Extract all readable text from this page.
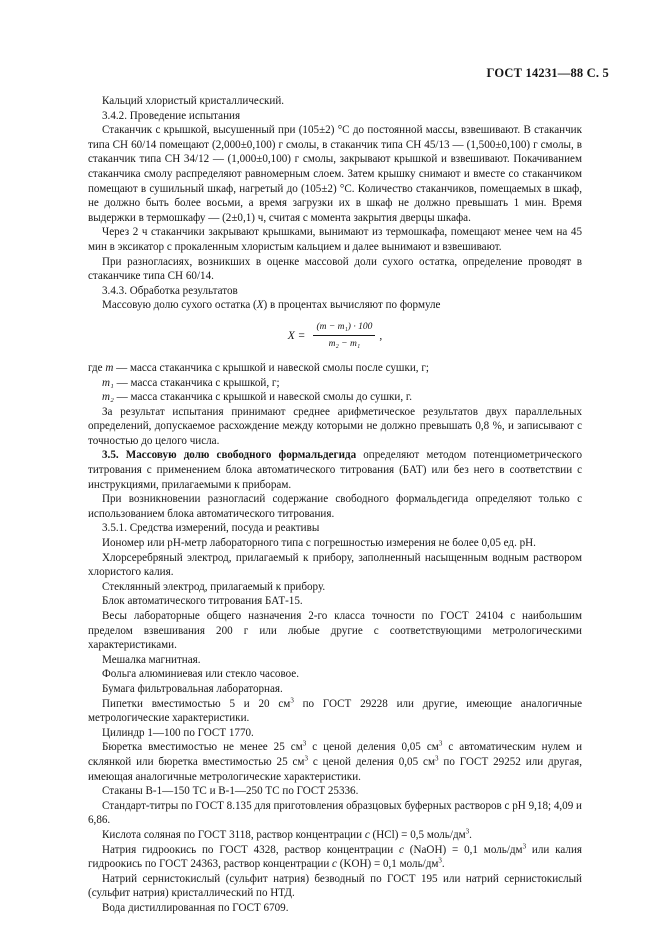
ГОСТ 14231—88 С. 5

Кальций хлористый кристаллический.

3.4.2. Проведение испытания

Стаканчик с крышкой, высушенный при (105±2) °С до постоянной массы, взвешивают. В стаканчик типа СН 60/14 помещают (2,000±0,100) г смолы, в стаканчик типа СН 45/13 — (1,500±0,100) г смолы, в стаканчик типа СН 34/12 — (1,000±0,100) г смолы, закрывают крышкой и взвешивают. Покачиванием стаканчика смолу распределяют равномерным слоем. Затем крышку снимают и вместе со стаканчиком помещают в сушильный шкаф, нагретый до (105±2) °С. Количество стаканчиков, помещаемых в шкаф, не должно быть более восьми, а время загрузки их в шкаф не должно превышать 1 мин. Время выдержки в термошкафу — (2±0,1) ч, считая с момента закрытия дверцы шкафа.

Через 2 ч стаканчики закрывают крышками, вынимают из термошкафа, помещают менее чем на 45 мин в эксикатор с прокаленным хлористым кальцием и далее вынимают и взвешивают.

При разногласиях, возникших в оценке массовой доли сухого остатка, определение проводят в стаканчике типа СН 60/14.

3.4.3. Обработка результатов

Массовую долю сухого остатка (X) в процентах вычисляют по формуле

$X = \frac{\text{(m − m₁) · 100}}{\text{m₂ − m₁}}$ ,

где m — масса стаканчика с крышкой и навеской смолы после сушки, г;

m₁ — масса стаканчика с крышкой, г;

m₂ — масса стаканчика с крышкой и навеской смолы до сушки, г.

За результат испытания принимают среднее арифметическое результатов двух параллельных определений, допускаемое расхождение между которыми не должно превышать 0,8 %, и записывают с точностью до целого числа.

3.5. Массовую долю свободного формальдегида определяют методом потенциометрического титрования с применением блока автоматического титрования (БАТ) или без него в соответствии с инструкциями, прилагаемыми к приборам.

При возникновении разногласий содержание свободного формальдегида определяют только с использованием блока автоматического титрования.

3.5.1. Средства измерений, посуда и реактивы

Иономер или pH-метр лабораторного типа с погрешностью измерения не более 0,05 ед. pH.

Хлорсеребряный электрод, прилагаемый к прибору, заполненный насыщенным водным раствором хлористого калия.

Стеклянный электрод, прилагаемый к прибору.

Блок автоматического титрования БАТ-15.

Весы лабораторные общего назначения 2-го класса точности по ГОСТ 24104 с наибольшим пределом взвешивания 200 г или любые другие с соответствующими метрологическими характеристиками.

Мешалка магнитная.

Фольга алюминиевая или стекло часовое.

Бумага фильтровальная лабораторная.

Пипетки вместимостью 5 и 20 $см^3$ по ГОСТ 29228 или другие, имеющие аналогичные метрологические характеристики.

Цилиндр 1—100 по ГОСТ 1770.

Бюретка вместимостью не менее 25 $см^3$ с ценой деления 0,05 $см^3$ с автоматическим нулем и склянкой или бюретка вместимостью 25 $см^3$ с ценой деления 0,05 $см^3$ по ГОСТ 29252 или другая, имеющая аналогичные метрологические характеристики.

Стаканы В-1—150 ТС и В-1—250 ТС по ГОСТ 25336.

Стандарт-титры по ГОСТ 8.135 для приготовления образцовых буферных растворов с pH 9,18; 4,09 и 6,86.

Кислота соляная по ГОСТ 3118, раствор концентрации c (HCl) = 0,5 моль/$дм^3$.

Натрия гидроокись по ГОСТ 4328, раствор концентрации c (NaOH) = 0,1 моль/$дм^3$ или калия гидроокись по ГОСТ 24363, раствор концентрации c (KOH) = 0,1 моль/$дм^3$.

Натрий сернистокислый (сульфит натрия) безводный по ГОСТ 195 или натрий сернистокислый (сульфит натрия) кристаллический по НТД.

Вода дистиллированная по ГОСТ 6709.
